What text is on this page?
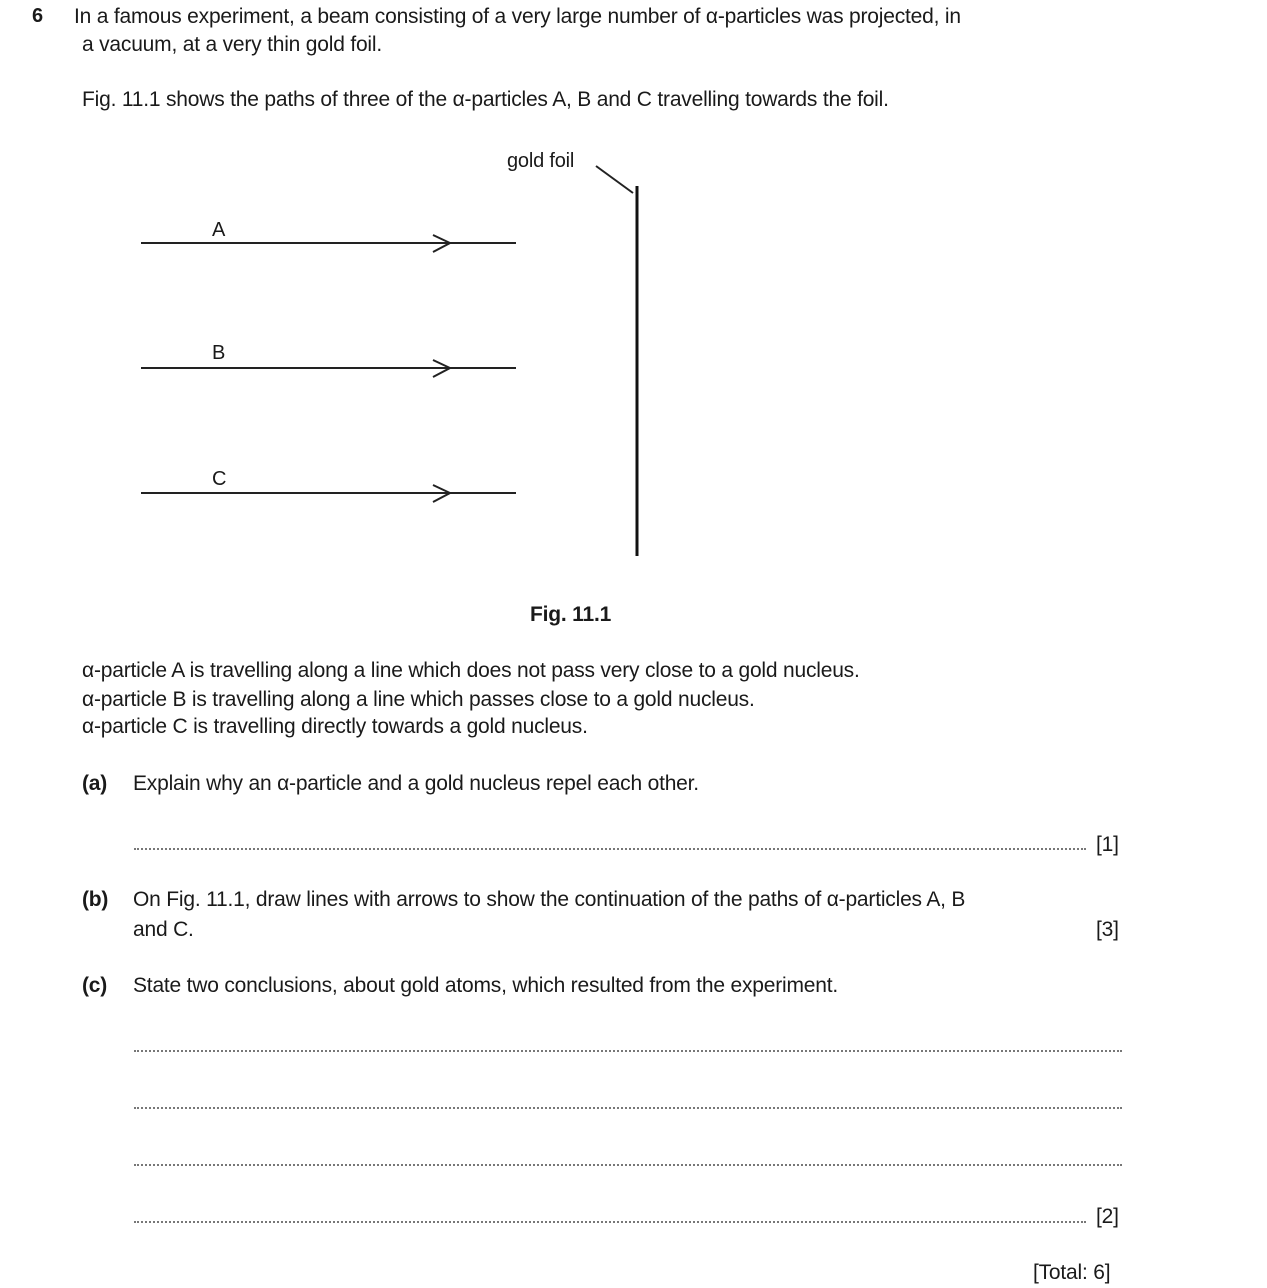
6 In a famous experiment, a beam consisting of a very large number of α-particles was projected, in
a vacuum, at a very thin gold foil.
Fig. 11.1 shows the paths of three of the α-particles A, B and C travelling towards the foil.
gold foil
A
B
C
Fig. 11.1
α-particle A is travelling along a line which does not pass very close to a gold nucleus.
α-particle B is travelling along a line which passes close to a gold nucleus.
α-particle C is travelling directly towards a gold nucleus.
(a) Explain why an α-particle and a gold nucleus repel each other.
[1]
(b) On Fig. 11.1, draw lines with arrows to show the continuation of the paths of α-particles A, B
and C.	[3]
(c) State two conclusions, about gold atoms, which resulted from the experiment.
[2]
[Total: 6]
